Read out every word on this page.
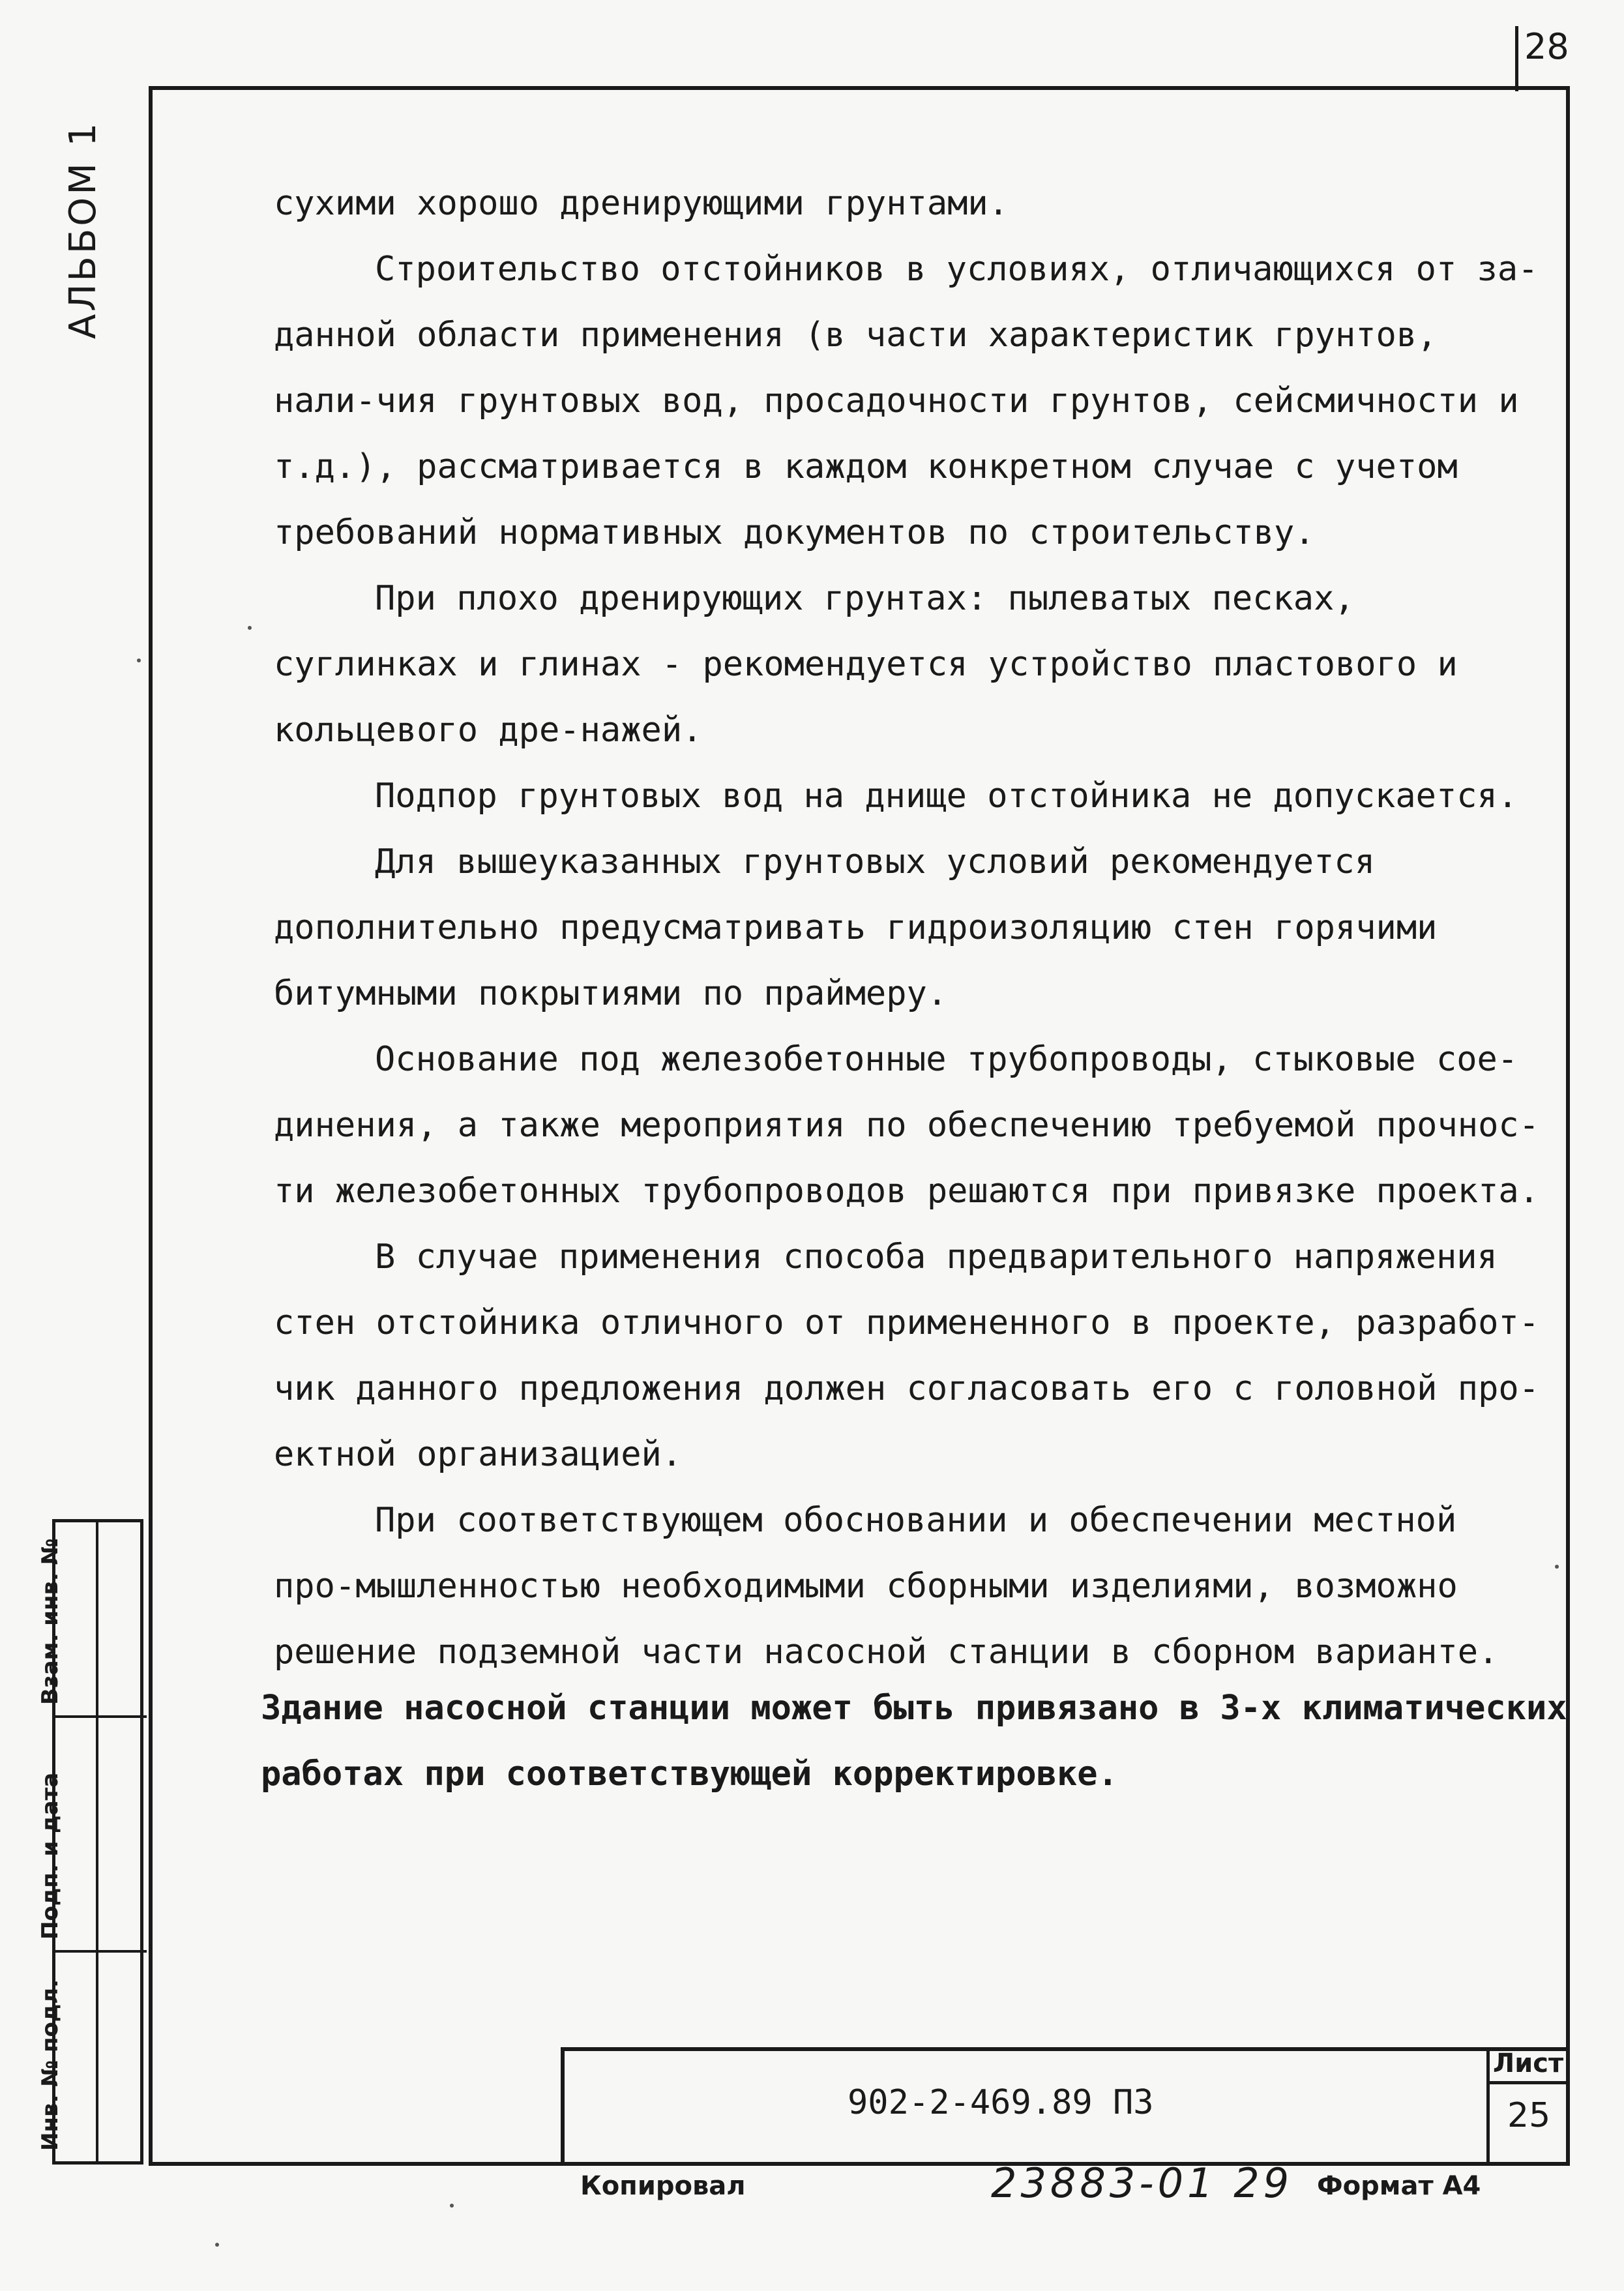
28
АЛЬБОМ 1	сухими хорошо дренирующими грунтами.

Строительство отстойников в условиях, отличающихся от за-данной области применения (в части характеристик грунтов, нали-чия грунтовых вод, просадочности грунтов, сейсмичности и т.д.), рассматривается в каждом конкретном случае с учетом требований нормативных документов по строительству.

При плохо дренирующих грунтах: пылеватых песках, суглинках и глинах - рекомендуется устройство пластового и кольцевого дре-нажей.

Подпор грунтовых вод на днище отстойника не допускается.

Для вышеуказанных грунтовых условий рекомендуется дополнительно предусматривать гидроизоляцию стен горячими битумными покрытиями по праймеру.

Основание под железобетонные трубопроводы, стыковые сое-динения, а также мероприятия по обеспечению требуемой прочнос-ти железобетонных трубопроводов решаются при привязке проекта.

В случае применения способа предварительного напряжения стен отстойника отличного от примененного в проекте, разработ-чик данного предложения должен согласовать его с головной про-ектной организацией.

При соответствующем обосновании и обеспечении местной про-мышленностью необходимыми сборными изделиями, возможно решение подземной части насосной станции в сборном варианте.

Здание насосной станции может быть привязано в 3-х климатических работах при соответствующей корректировке.

Взам. инв. №
Подп. и дата
Инв. № подл.	902-2-469.89 ПЗ
Лист
25
Копировал	23883-01 29 Формат А4
